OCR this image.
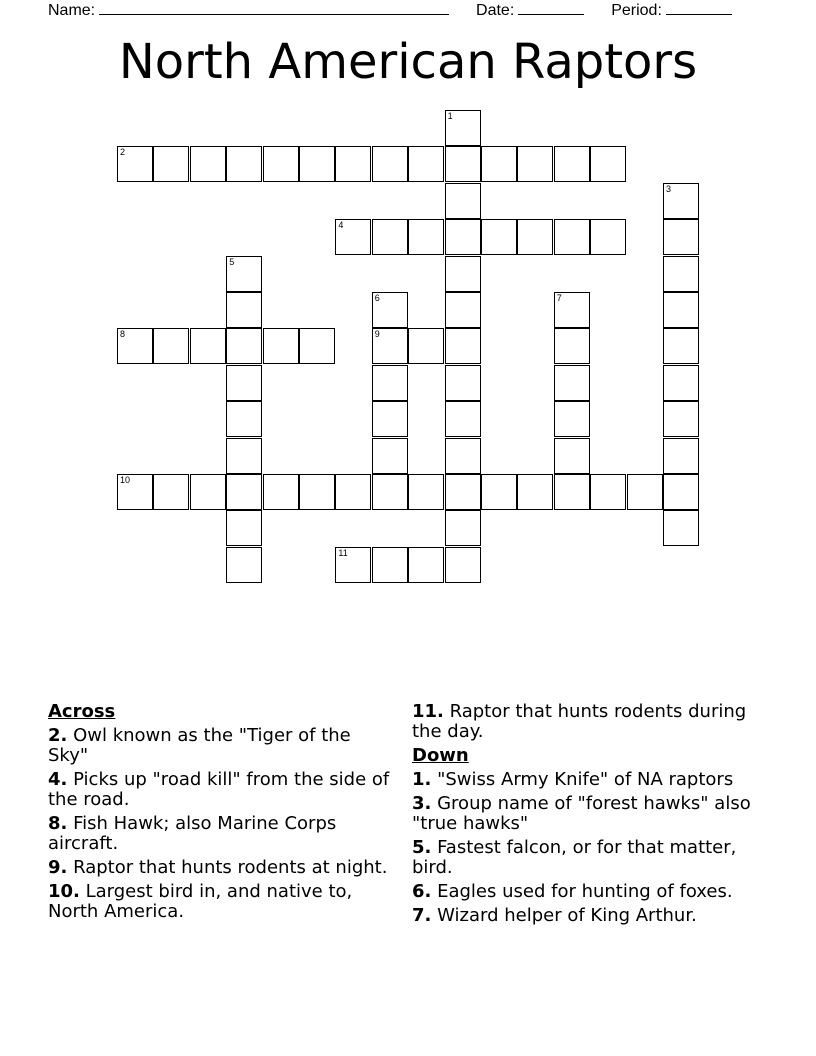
Name:	Date:	Period:
North American Raptors
1
2
3
4
5
6	7
8	9
10
11
Across
2. Owl known as the "Tiger of the Sky"
4. Picks up "road kill" from the side of the road.
8. Fish Hawk; also Marine Corps aircraft.
9. Raptor that hunts rodents at night.
10. Largest bird in, and native to, North America.
11. Raptor that hunts rodents during the day.
Down
1. "Swiss Army Knife" of NA raptors
3. Group name of "forest hawks" also "true hawks"
5. Fastest falcon, or for that matter, bird.
6. Eagles used for hunting of foxes.
7. Wizard helper of King Arthur.
